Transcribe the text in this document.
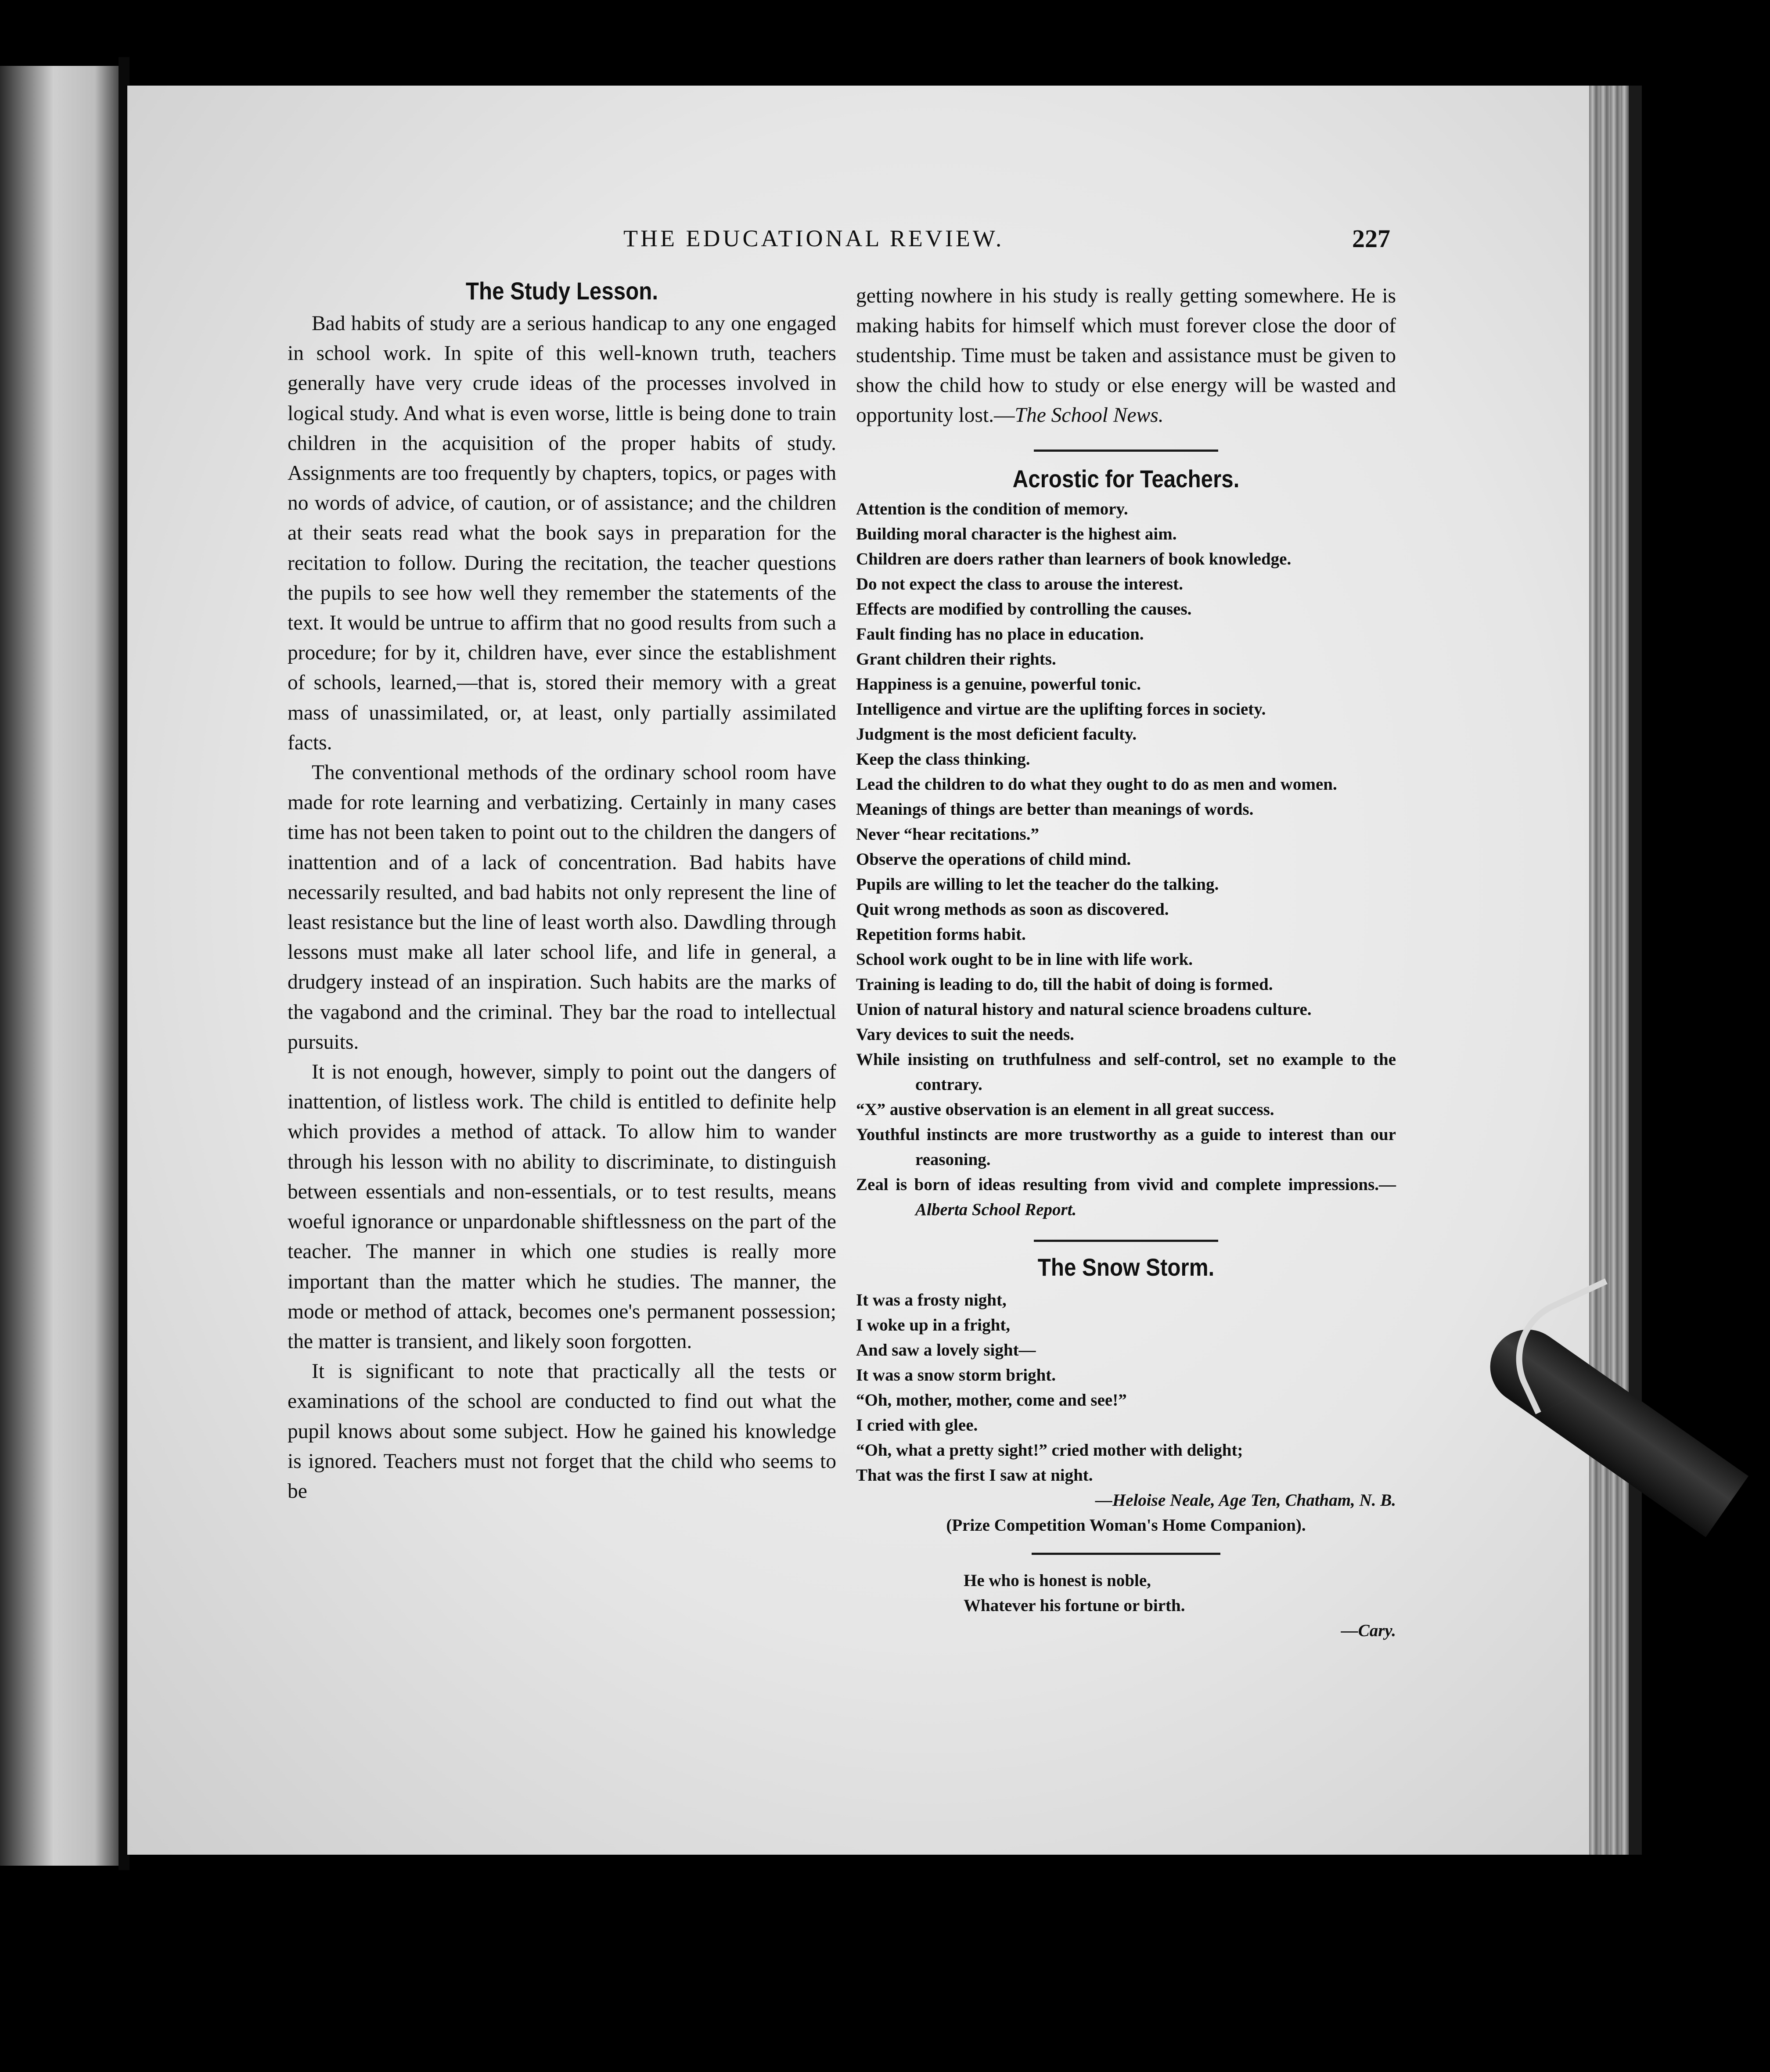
THE EDUCATIONAL REVIEW.	227
The Study Lesson.

Bad habits of study are a serious handicap to any one engaged in school work. In spite of this well-known truth, teachers generally have very crude ideas of the processes involved in logical study. And what is even worse, little is being done to train children in the acquisition of the proper habits of study. Assignments are too frequently by chapters, topics, or pages with no words of advice, of caution, or of assistance; and the children at their seats read what the book says in preparation for the recitation to follow. During the recitation, the teacher questions the pupils to see how well they remember the statements of the text. It would be untrue to affirm that no good results from such a procedure; for by it, children have, ever since the establishment of schools, learned,—that is, stored their memory with a great mass of unassimilated, or, at least, only partially assimilated facts.

The conventional methods of the ordinary school room have made for rote learning and verbatizing. Certainly in many cases time has not been taken to point out to the children the dangers of inattention and of a lack of concentration. Bad habits have necessarily resulted, and bad habits not only represent the line of least resistance but the line of least worth also. Dawdling through lessons must make all later school life, and life in general, a drudgery instead of an inspiration. Such habits are the marks of the vagabond and the criminal. They bar the road to intellectual pursuits.

It is not enough, however, simply to point out the dangers of inattention, of listless work. The child is entitled to definite help which provides a method of attack. To allow him to wander through his lesson with no ability to discriminate, to distinguish between essentials and non-essentials, or to test results, means woeful ignorance or unpardonable shiftlessness on the part of the teacher. The manner in which one studies is really more important than the matter which he studies. The manner, the mode or method of attack, becomes one's permanent possession; the matter is transient, and likely soon forgotten.

It is significant to note that practically all the tests or examinations of the school are conducted to find out what the pupil knows about some subject. How he gained his knowledge is ignored. Teachers must not forget that the child who seems to be

getting nowhere in his study is really getting somewhere. He is making habits for himself which must forever close the door of studentship. Time must be taken and assistance must be given to show the child how to study or else energy will be wasted and opportunity lost.—The School News.

Acrostic for Teachers.
Attention is the condition of memory.
Building moral character is the highest aim.
Children are doers rather than learners of book knowledge.
Do not expect the class to arouse the interest.
Effects are modified by controlling the causes.
Fault finding has no place in education.
Grant children their rights.
Happiness is a genuine, powerful tonic.
Intelligence and virtue are the uplifting forces in society.
Judgment is the most deficient faculty.
Keep the class thinking.
Lead the children to do what they ought to do as men and women.
Meanings of things are better than meanings of words.
Never “hear recitations.”
Observe the operations of child mind.
Pupils are willing to let the teacher do the talking.
Quit wrong methods as soon as discovered.
Repetition forms habit.
School work ought to be in line with life work.
Training is leading to do, till the habit of doing is formed.
Union of natural history and natural science broadens culture.
Vary devices to suit the needs.
While insisting on truthfulness and self-control, set no example to the contrary.
“X” austive observation is an element in all great success.
Youthful instincts are more trustworthy as a guide to interest than our reasoning.
Zeal is born of ideas resulting from vivid and complete impressions.—Alberta School Report.
The Snow Storm.
It was a frosty night,
I woke up in a fright,
And saw a lovely sight—
It was a snow storm bright.
“Oh, mother, mother, come and see!”
I cried with glee.
“Oh, what a pretty sight!” cried mother with delight;
That was the first I saw at night.

—Heloise Neale, Age Ten, Chatham, N. B.

(Prize Competition Woman's Home Companion).

He who is honest is noble,
Whatever his fortune or birth.

—Cary.
